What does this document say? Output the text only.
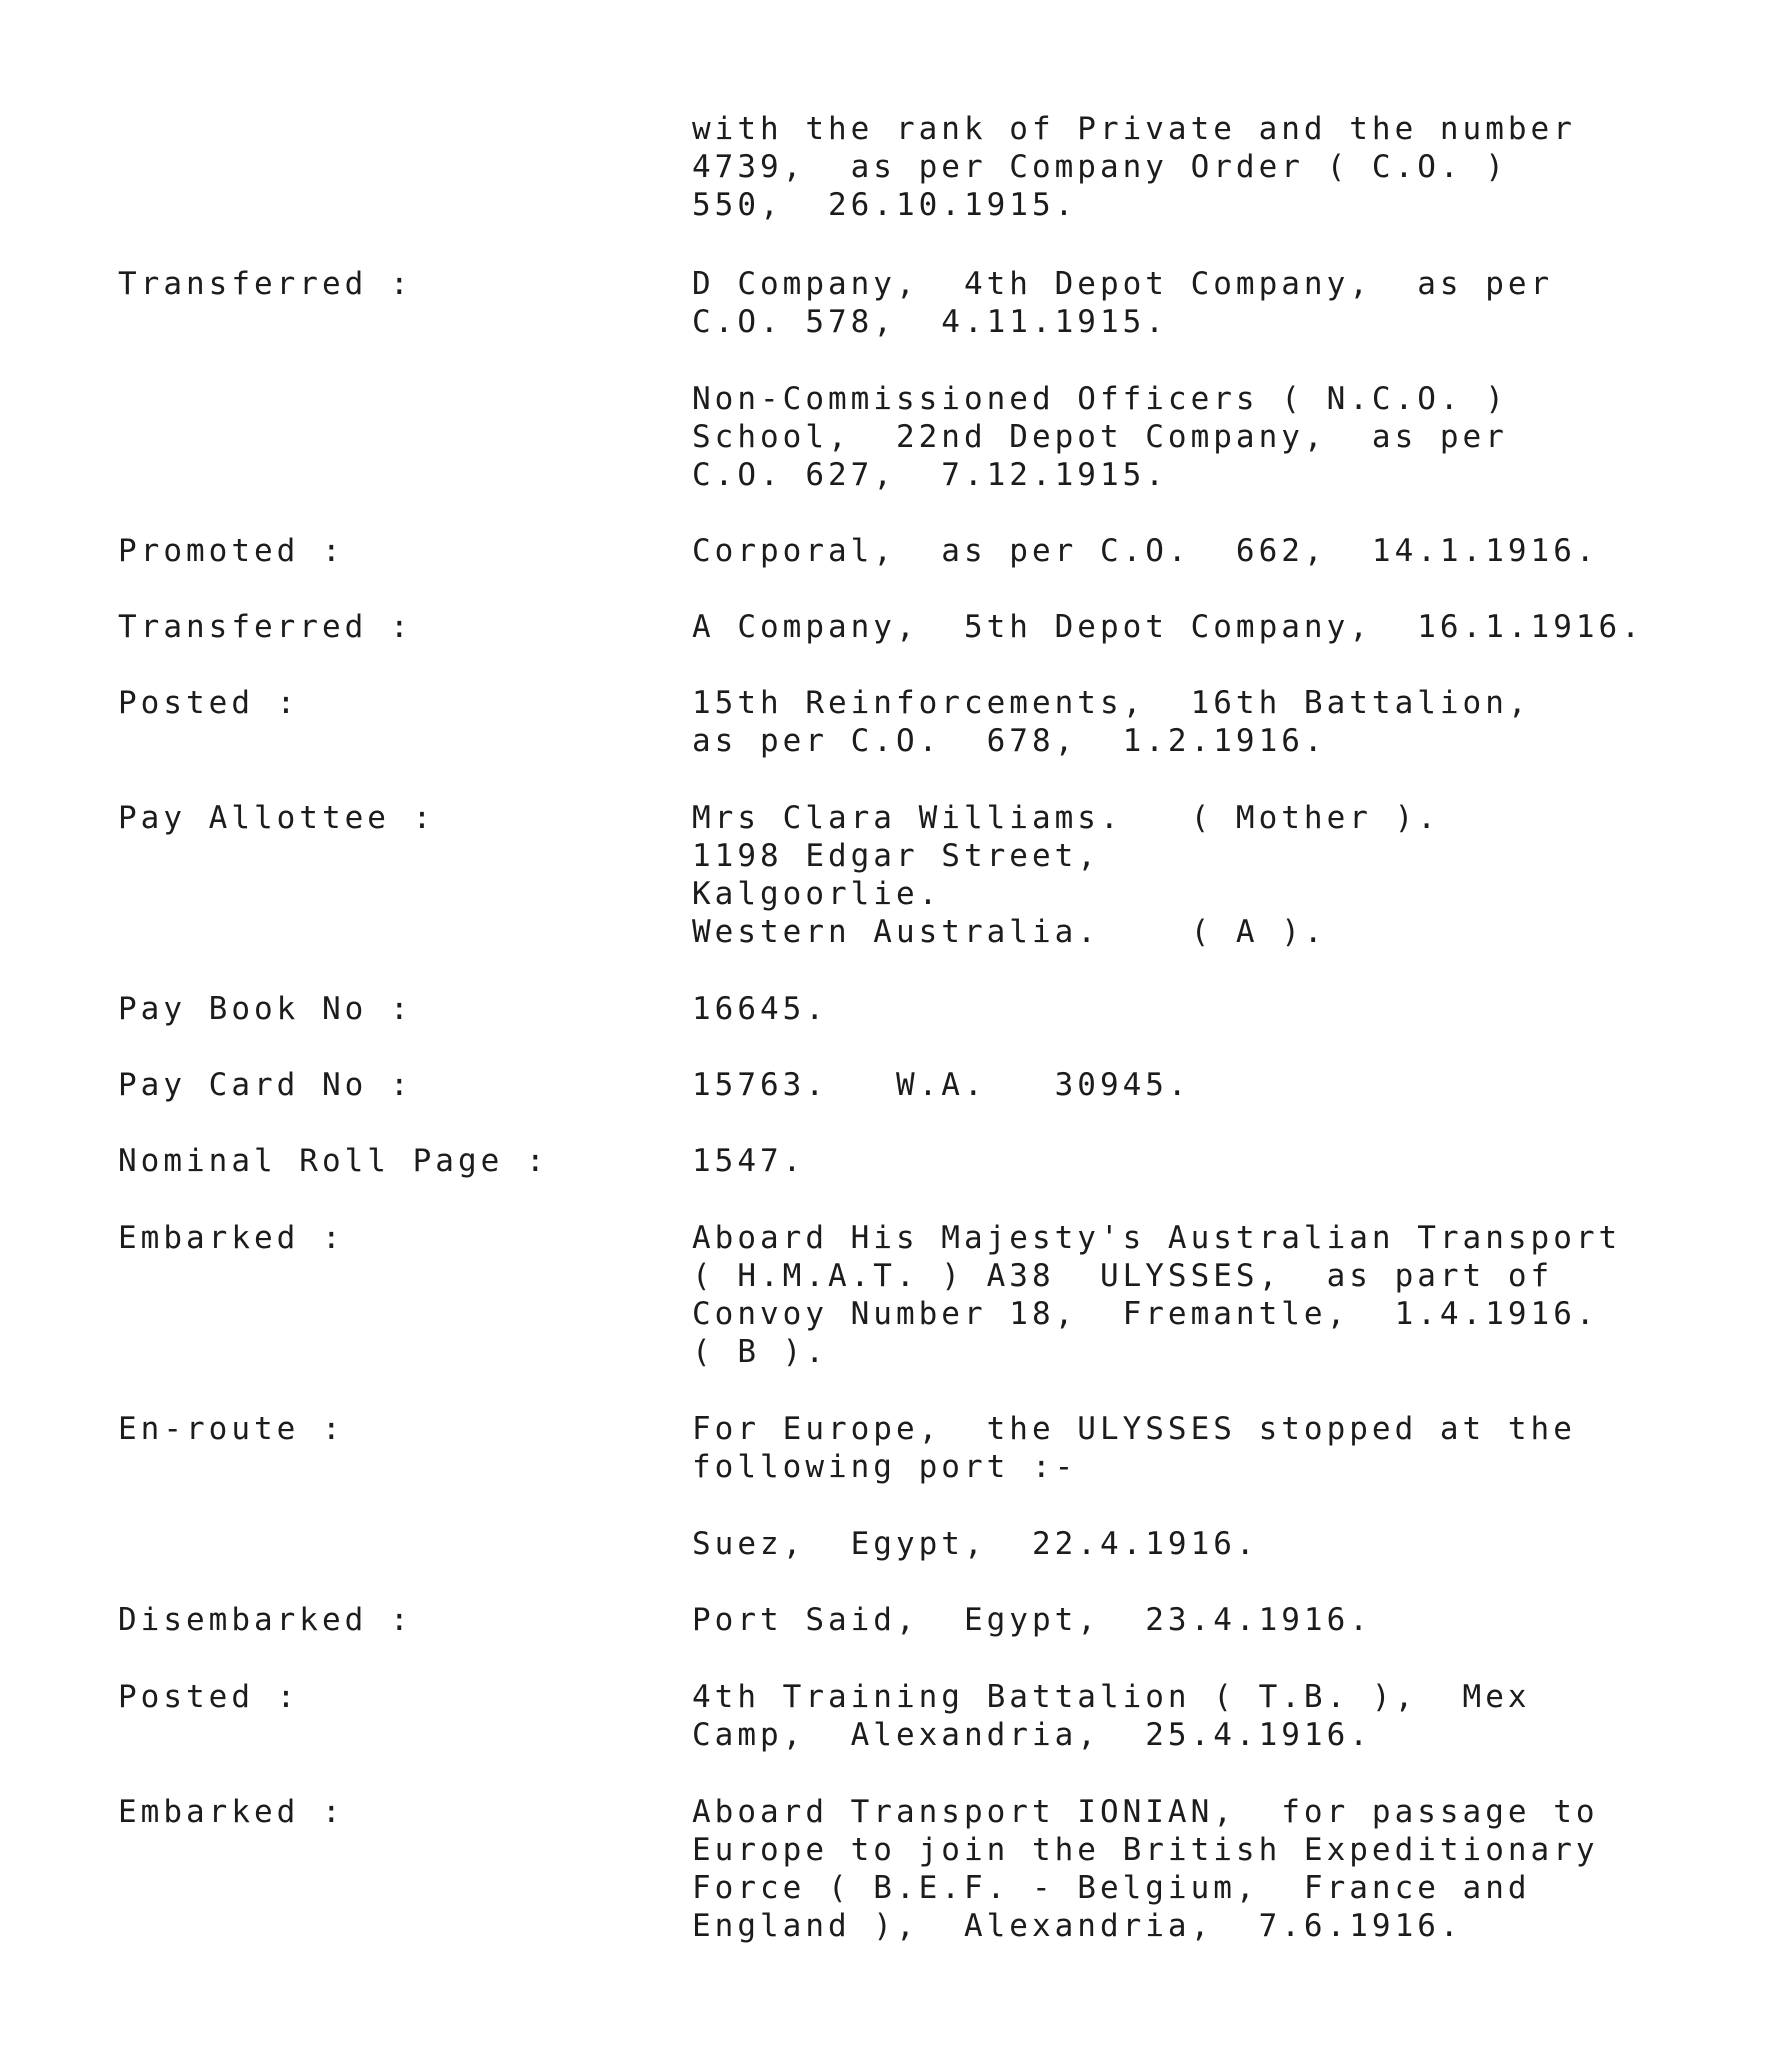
with the rank of Private and the number

4739,  as per Company Order ( C.O. )

550,  26.10.1915.

Transferred :	D Company,  4th Depot Company,  as per

C.O. 578,  4.11.1915.

Non-Commissioned Officers ( N.C.O. )

School,  22nd Depot Company,  as per

C.O. 627,  7.12.1915.

Promoted :	Corporal,  as per C.O.  662,  14.1.1916.

Transferred :	A Company,  5th Depot Company,  16.1.1916.

Posted :	15th Reinforcements,  16th Battalion,

as per C.O.  678,  1.2.1916.

Pay Allottee :	Mrs Clara Williams.   ( Mother ).

1198 Edgar Street,

Kalgoorlie.

Western Australia.    ( A ).

Pay Book No :	16645.

Pay Card No :	15763.   W.A.   30945.

Nominal Roll Page :	1547.

Embarked :	Aboard His Majesty's Australian Transport

( H.M.A.T. ) A38  ULYSSES,  as part of

Convoy Number 18,  Fremantle,  1.4.1916.

( B ).

En-route :	For Europe,  the ULYSSES stopped at the

following port :-

Suez,  Egypt,  22.4.1916.

Disembarked :	Port Said,  Egypt,  23.4.1916.

Posted :	4th Training Battalion ( T.B. ),  Mex

Camp,  Alexandria,  25.4.1916.

Embarked :	Aboard Transport IONIAN,  for passage to

Europe to join the British Expeditionary

Force ( B.E.F. - Belgium,  France and

England ),  Alexandria,  7.6.1916.
